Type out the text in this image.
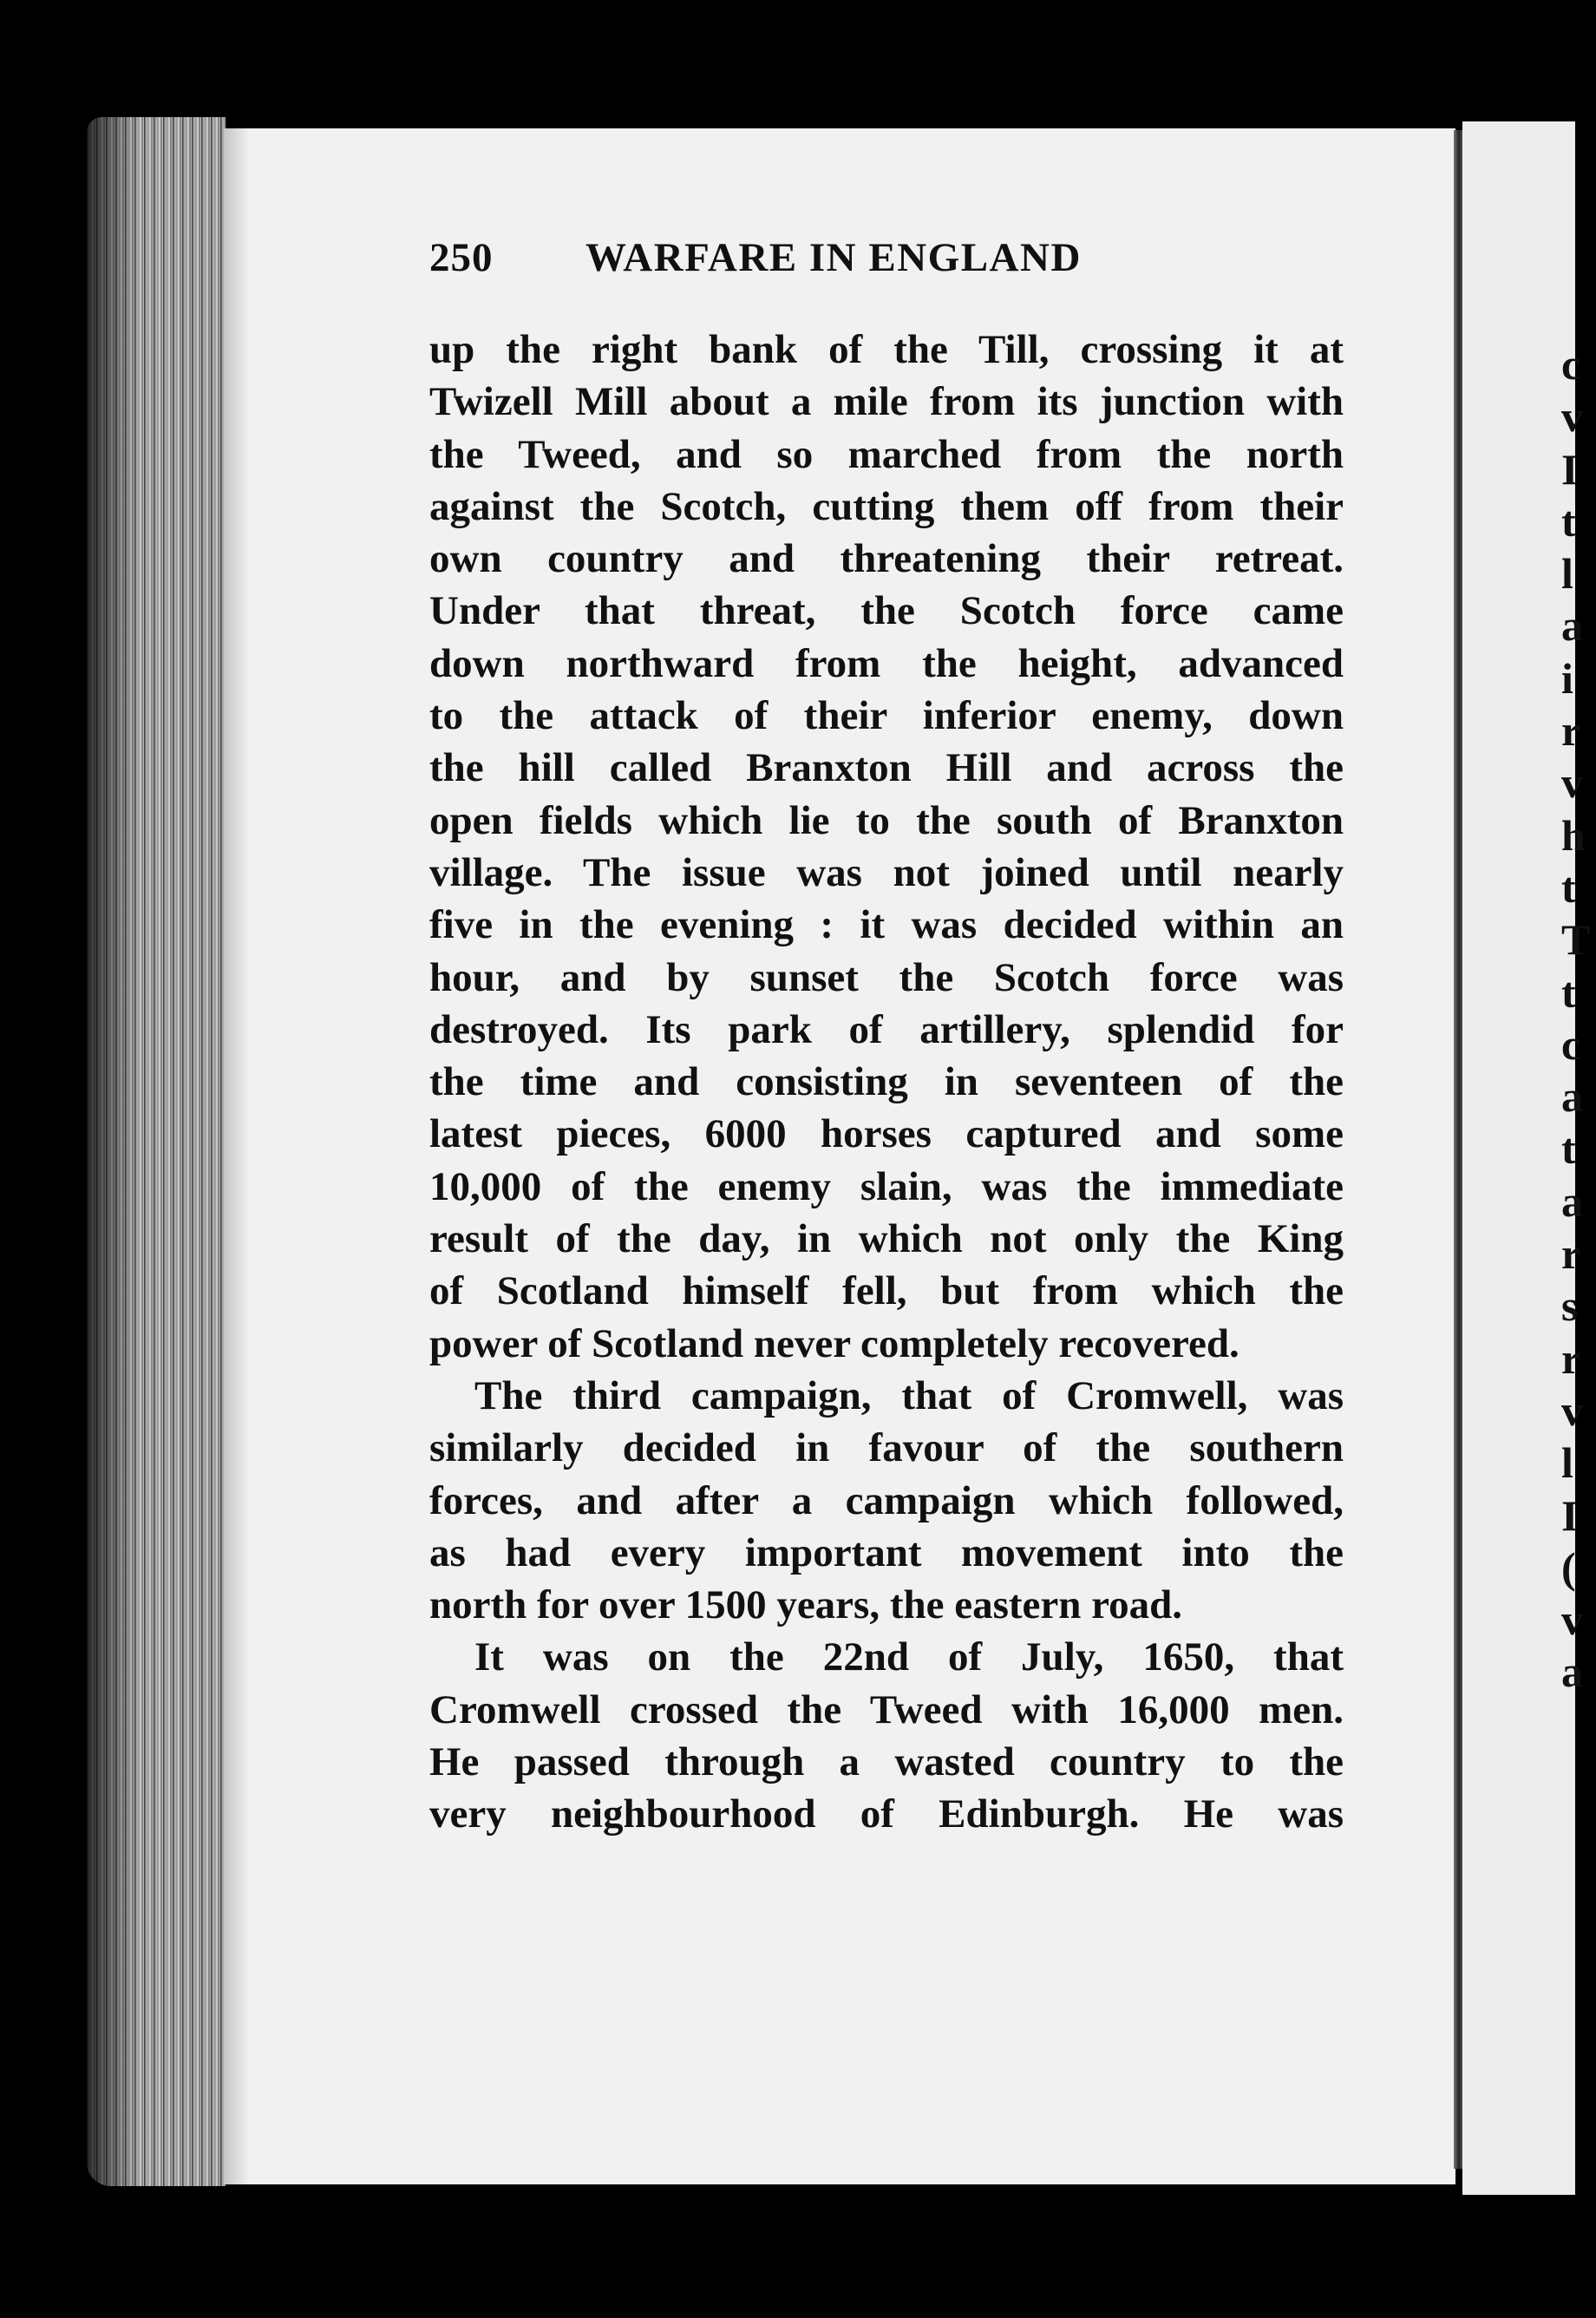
c
v
I
t
l
a
i
r
v
h
t
T
t
c
a
t
a
r
s
r
v
l
I
(
v
a
250 WARFARE IN ENGLAND
up the right bank of the Till, crossing it at
Twizell Mill about a mile from its junction with
the Tweed, and so marched from the north
against the Scotch, cutting them off from their
own country and threatening their retreat.
Under that threat, the Scotch force came
down northward from the height, advanced
to the attack of their inferior enemy, down
the hill called Branxton Hill and across the
open fields which lie to the south of Branxton
village. The issue was not joined until nearly
five in the evening : it was decided within an
hour, and by sunset the Scotch force was
destroyed. Its park of artillery, splendid for
the time and consisting in seventeen of the
latest pieces, 6000 horses captured and some
10,000 of the enemy slain, was the immediate
result of the day, in which not only the King
of Scotland himself fell, but from which the
power of Scotland never completely recovered.
The third campaign, that of Cromwell, was
similarly decided in favour of the southern
forces, and after a campaign which followed,
as had every important movement into the
north for over 1500 years, the eastern road.
It was on the 22nd of July, 1650, that
Cromwell crossed the Tweed with 16,000 men.
He passed through a wasted country to the
very neighbourhood of Edinburgh. He was
